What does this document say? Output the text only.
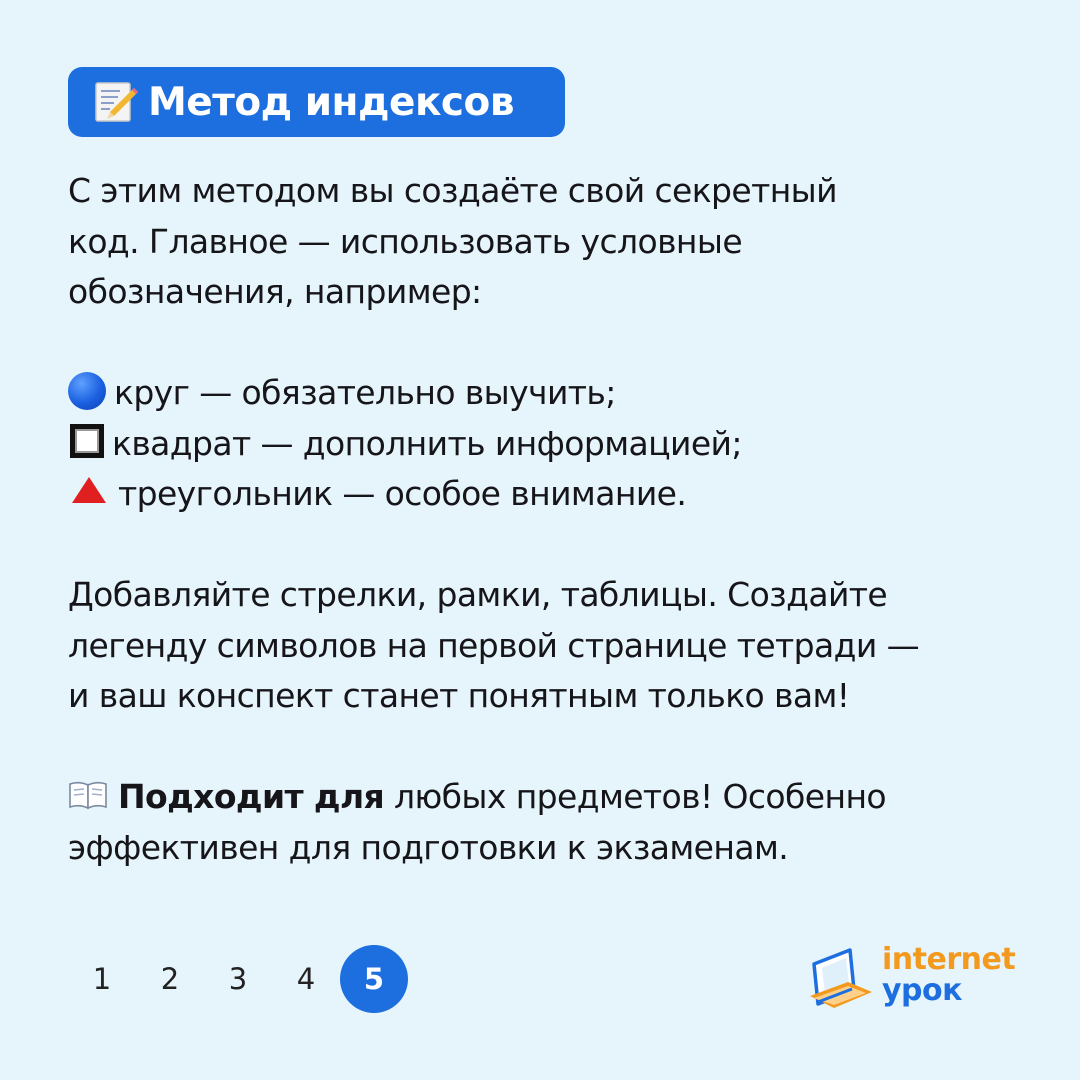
Метод индексов

С этим методом вы создаёте свой секретный

код. Главное — использовать условные

обозначения, например:

круг — обязательно выучить;

квадрат — дополнить информацией;

треугольник — особое внимание.

Добавляйте стрелки, рамки, таблицы. Создайте

легенду символов на первой странице тетради —

и ваш конспект станет понятным только вам!

Подходит для любых предметов! Особенно

эффективен для подготовки к экзаменам.

1	2	3	4	5
internet
урок
